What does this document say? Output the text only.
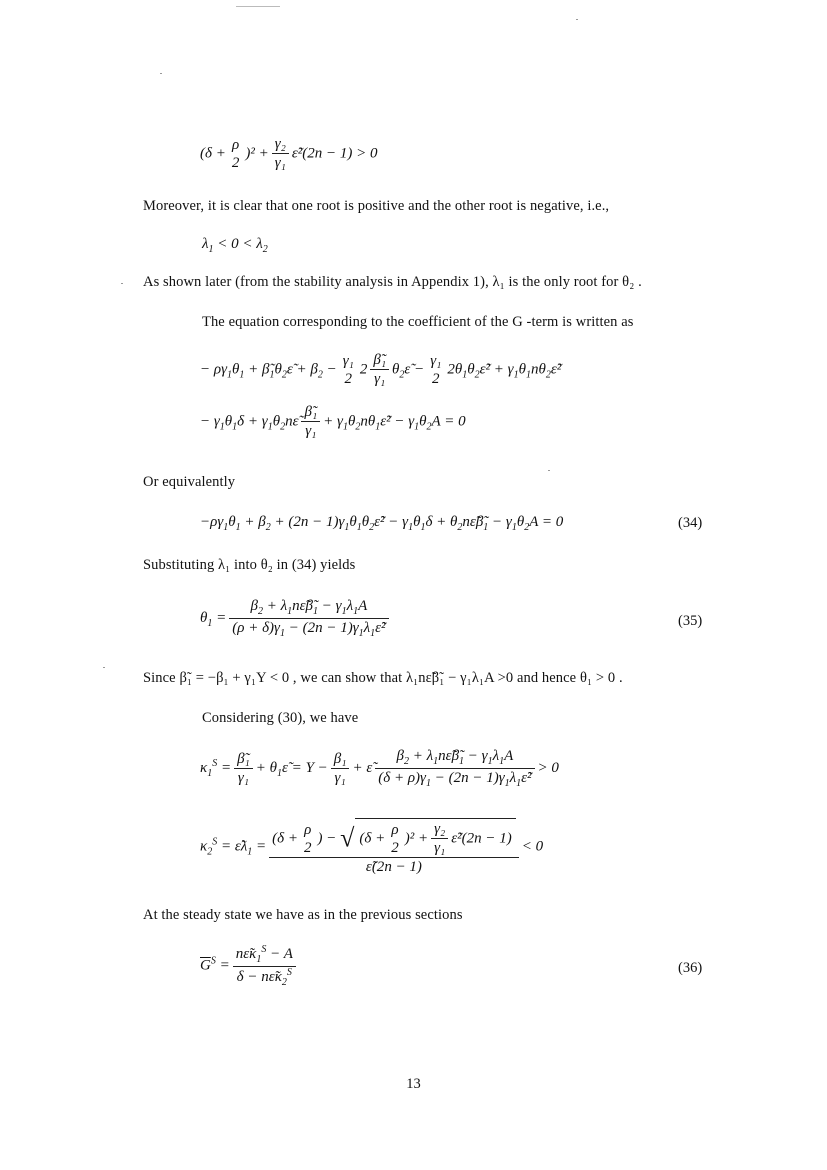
(δ +
ρ
2
)$^2 + \frac{\text{γ₂}}{\text{γ₁}}$ ε̃²(2n − 1) > 0
Moreover, it is clear that one root is positive and the other root is negative, i.e.,
$\lambda_1 < 0 < \lambda_2$
As shown later (from the stability analysis in Appendix 1), λ₁ is the only root for θ₂ .
The equation corresponding to the coefficient of the G -term is written as
− $\rho\gamma_1\theta_1$ + $\betã_1\theta_2\varepsiloñ + \beta_2$ −
γ₁
2
$2 \frac{\text{β̃₁}}{\text{γ₁}}$ $\theta_2\varepsiloñ$ −
γ₁
2
$2\theta_1\theta_2\varepsiloñ^2$ + $\gamma_1\theta_1n\theta_2\varepsiloñ^2$
− $\gamma_1\theta_1\delta$ + $\gamma_1\theta_2n\varepsiloñ \frac{\text{β̃₁}}{\text{γ₁}}$ + $\gamma_1\theta_2n\theta_1\varepsiloñ^2 - \gamma_1\theta_2A = 0$
Or equivalently
$-\rho\gamma_1\theta_1 + \beta_2 + (2n$ − $1)\gamma_1\theta_1\theta_2\varepsiloñ^2 - \gamma_1\theta_1\delta$ + $\theta_2n\varepsiloñ\betã_1 - \gamma_1\theta_2A = 0$	(34)
Substituting λ₁ into θ₂ in (34) yields
$\theta_1 = \frac{\beta_2 + \lambda_1n\varepsiloñ\betã_1 - \gamma_1\lambda_1A}{(\rho + \delta)\gamma_1 - (2n - 1)\gamma_1\lambda_1\varepsiloñ^2}$	(35)
Since β̃₁ = −β₁ + γ₁Y < 0 , we can show that λ₁nε̃β̃₁ − γ₁λ₁A >0 and hence θ₁ > 0 .
Considering (30), we have
$\kappa_1^S = \frac{\text{β̃₁}}{\text{γ₁}}$ + $\theta_1\varepsiloñ = Y - \frac{\text{β₁}}{\text{γ₁}}$ + ε̃ $\frac{\beta_2 + \lambda_1n\varepsiloñ\betã_1 - \gamma_1\lambda_1A}{(\delta + \rho)\gamma_1 - (2n - 1)\gamma_1\lambda_1\varepsiloñ^2} > 0$
$\kappa_2^S$ = $\varepsiloñ\lambda_1 = (\delta$ +
ρ
2
) − √ (δ +
ρ
2
)$^2 + \frac{\text{γ₂}}{\text{γ₁}}$ ε̃²(2n − 1)
ε̃(2n − 1) < 0
At the steady state we have as in the previous sections
$\overline{G}^S = \frac{n\varepsiloñ\kappa_1^S - A}{\delta - n\varepsiloñ\kappa_2^S}$	(36)
13
